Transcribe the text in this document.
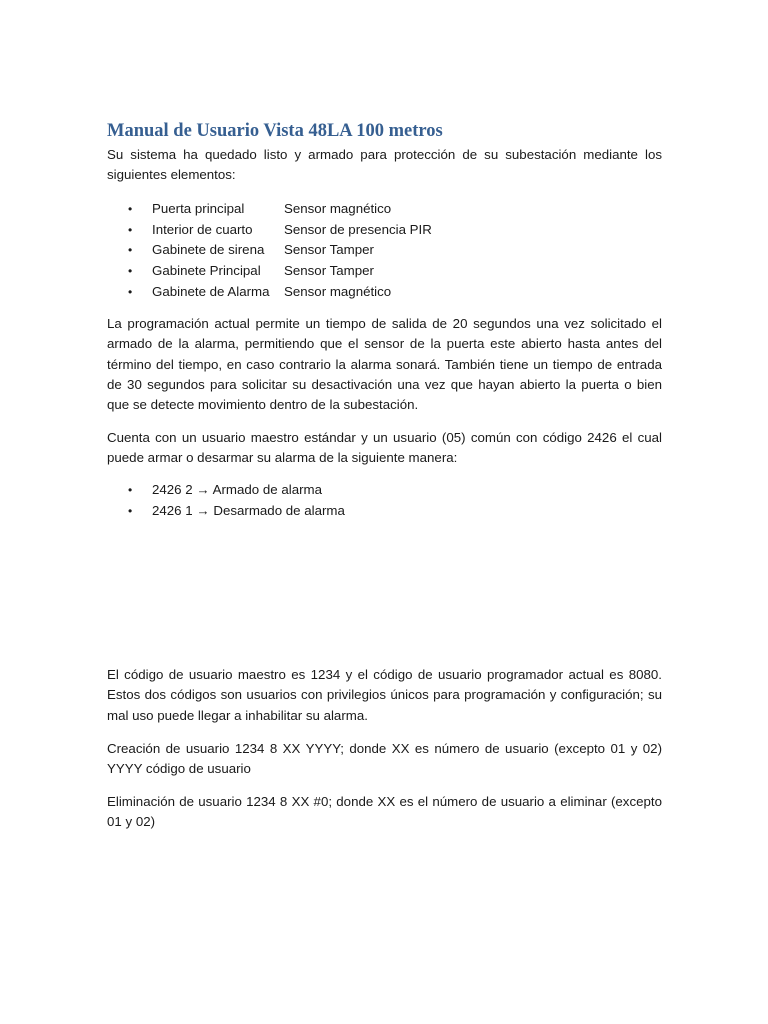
Manual de Usuario Vista 48LA 100 metros

Su sistema ha quedado listo y armado para protección de su subestación mediante los siguientes elementos:

• Puerta principal	Sensor magnético
• Interior de cuarto Sensor de presencia PIR
• Gabinete de sirena Sensor Tamper
• Gabinete Principal Sensor Tamper
• Gabinete de Alarma Sensor magnético

La programación actual permite un tiempo de salida de 20 segundos una vez solicitado el armado de la alarma, permitiendo que el sensor de la puerta este abierto hasta antes del término del tiempo, en caso contrario la alarma sonará. También tiene un tiempo de entrada de 30 segundos para solicitar su desactivación una vez que hayan abierto la puerta o bien que se detecte movimiento dentro de la subestación.

Cuenta con un usuario maestro estándar y un usuario (05) común con código 2426 el cual puede armar o desarmar su alarma de la siguiente manera:

• 2426 2 → Armado de alarma
• 2426 1 → Desarmado de alarma

El código de usuario maestro es 1234 y el código de usuario programador actual es 8080. Estos dos códigos son usuarios con privilegios únicos para programación y configuración; su mal uso puede llegar a inhabilitar su alarma.

Creación de usuario 1234 8 XX YYYY; donde XX es número de usuario (excepto 01 y 02) YYYY código de usuario

Eliminación de usuario 1234 8 XX #0; donde XX es el número de usuario a eliminar (excepto 01 y 02)
